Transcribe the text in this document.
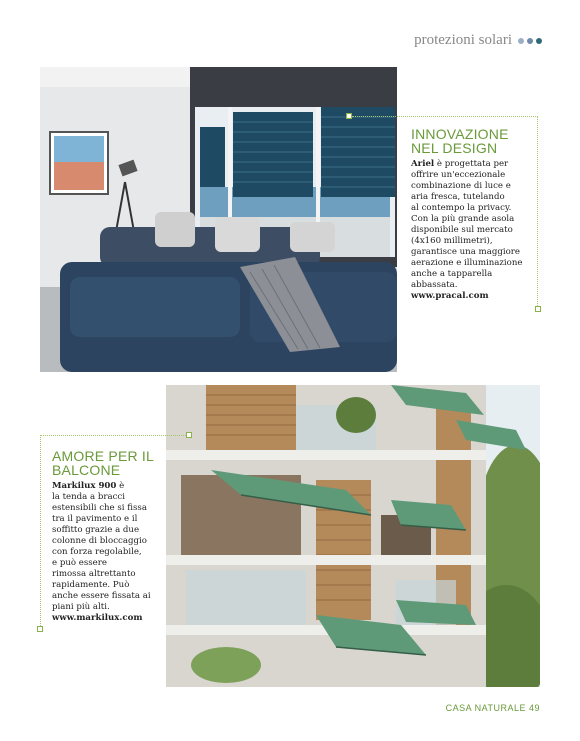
protezioni solari
INNOVAZIONE
NEL DESIGN
Ariel è progettata per
offrire un'eccezionale
combinazione di luce e
aria fresca, tutelando
al contempo la privacy.
Con la più grande asola
disponibile sul mercato
(4x160 millimetri),
garantisce una maggiore
aerazione e illuminazione
anche a tapparella
abbassata.
www.pracal.com
AMORE PER IL
BALCONE
Markilux 900 è
la tenda a bracci
estensibili che si fissa
tra il pavimento e il
soffitto grazie a due
colonne di bloccaggio
con forza regolabile,
e può essere
rimossa altrettanto
rapidamente. Può
anche essere fissata ai
piani più alti.
www.markilux.com
CASA NATURALE 49
